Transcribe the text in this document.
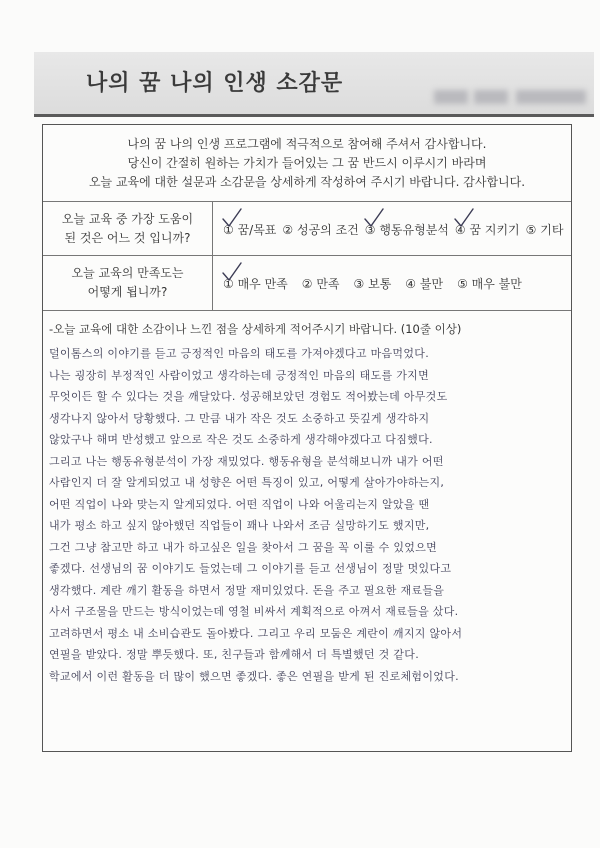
나의 꿈 나의 인생 소감문
나의 꿈 나의 인생 프로그램에 적극적으로 참여해 주셔서 감사합니다.
당신이 간절히 원하는 가치가 들어있는 그 꿈 반드시 이루시기 바라며
오늘 교육에 대한 설문과 소감문을 상세하게 작성하여 주시기 바랍니다. 감사합니다.
오늘 교육 중 가장 도움이
된 것은 어느 것 입니까?
① 꿈/목표 ② 성공의 조건 ③ 행동유형분석 ④ 꿈 지키기 ⑤ 기타
오늘 교육의 만족도는
어떻게 됩니까?
① 매우 만족 ② 만족 ③ 보통 ④ 불만 ⑤ 매우 불만
-오늘 교육에 대한 소감이나 느낀 점을 상세하게 적어주시기 바랍니다. (10줄 이상)
덜이톰스의 이야기를 듣고 긍정적인 마음의 태도를 가져야겠다고 마음먹었다.
나는 굉장히 부정적인 사람이었고 생각하는데 긍정적인 마음의 태도를 가지면
무엇이든 할 수 있다는 것을 깨달았다. 성공해보았던 경험도 적어봤는데 아무것도
생각나지 않아서 당황했다. 그 만큼 내가 작은 것도 소중하고 뜻깊게 생각하지
않았구나 해며 반성했고 앞으로 작은 것도 소중하게 생각해야겠다고 다짐했다.
그리고 나는 행동유형분석이 가장 재밌었다. 행동유형을 분석해보니까 내가 어떤
사람인지 더 잘 알게되었고 내 성향은 어떤 특징이 있고, 어떻게 살아가야하는지,
어떤 직업이 나와 맞는지 알게되었다. 어떤 직업이 나와 어울리는지 알았을 땐
내가 평소 하고 싶지 않아했던 직업들이 꽤나 나와서 조금 실망하기도 했지만,
그건 그냥 참고만 하고 내가 하고싶은 일을 찾아서 그 꿈을 꼭 이룰 수 있었으면
좋겠다. 선생님의 꿈 이야기도 들었는데 그 이야기를 듣고 선생님이 정말 멋있다고
생각했다. 계란 깨기 활동을 하면서 정말 재미있었다. 돈을 주고 필요한 재료들을
사서 구조물을 만드는 방식이었는데 영철 비싸서 계획적으로 아껴서 재료들을 샀다.
고려하면서 평소 내 소비습관도 돌아봤다. 그리고 우리 모둠은 계란이 깨지지 않아서
연필을 받았다. 정말 뿌듯했다. 또, 친구들과 함께해서 더 특별했던 것 같다.
학교에서 이런 활동을 더 많이 했으면 좋겠다. 좋은 연필을 받게 된 진로체험이었다.
